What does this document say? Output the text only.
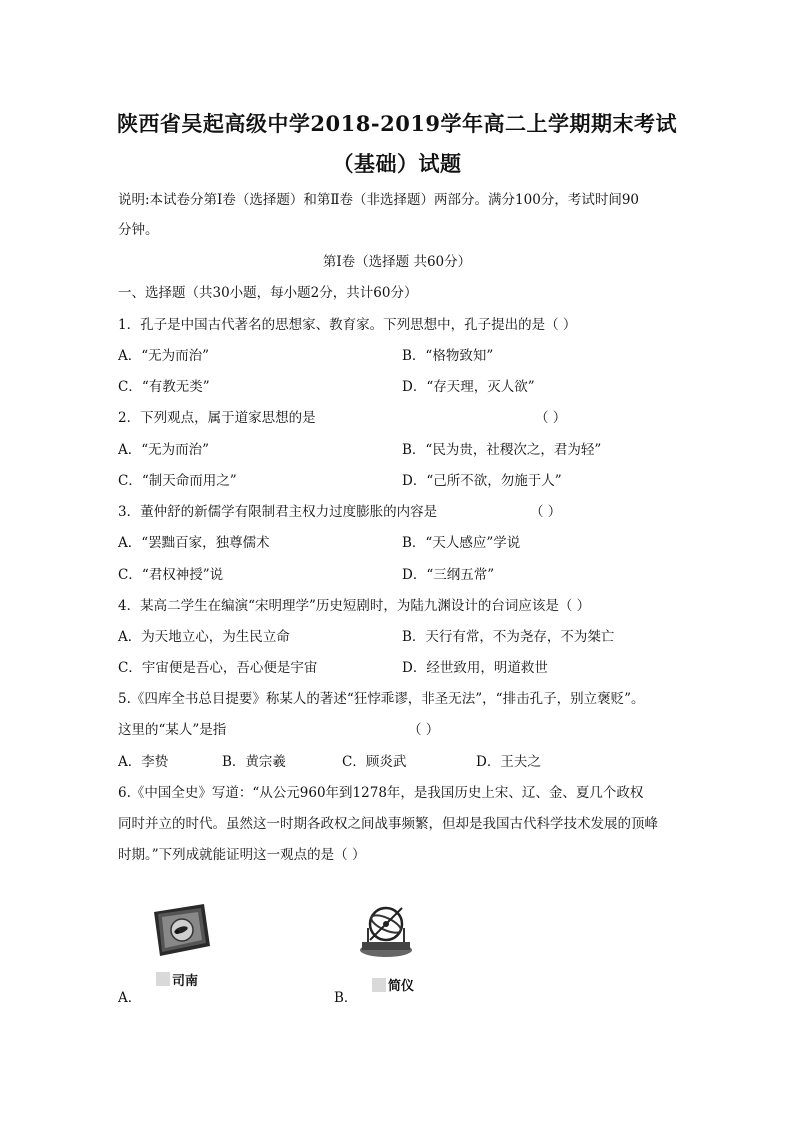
陕西省吴起高级中学2018-2019学年高二上学期期末考试
（基础）试题
说明:本试卷分第Ⅰ卷（选择题）和第Ⅱ卷（非选择题）两部分。满分100分，考试时间90
分钟。
第Ⅰ卷（选择题 共60分）
一、选择题（共30小题，每小题2分，共计60分）
1．孔子是中国古代著名的思想家、教育家。下列思想中，孔子提出的是（ ）
A．“无为而治”	B．“格物致知”
C．“有教无类”	D．“存天理，灭人欲”
2．下列观点，属于道家思想的是	（ ）
A．“无为而治”	B．“民为贵，社稷次之，君为轻”
C．“制天命而用之”	D．“己所不欲，勿施于人”
3．董仲舒的新儒学有限制君主权力过度膨胀的内容是	（ ）
A．“罢黜百家，独尊儒术	B．“天人感应”学说
C．“君权神授”说	D．“三纲五常”
4．某高二学生在编演“宋明理学”历史短剧时，为陆九渊设计的台词应该是（ ）
A．为天地立心，为生民立命	B．天行有常，不为尧存，不为桀亡
C．宇宙便是吾心，吾心便是宇宙	D．经世致用，明道救世
5.《四库全书总目提要》称某人的著述“狂悖乖谬，非圣无法”，“排击孔子，别立褒贬”。
这里的“某人”是指	（ ）
A．李贽	B．黄宗羲	C．顾炎武	D．王夫之
6.《中国全史》写道：“从公元960年到1278年，是我国历史上宋、辽、金、夏几个政权
同时并立的时代。虽然这一时期各政权之间战事频繁，但却是我国古代科学技术发展的顶峰
时期。”下列成就能证明这一观点的是（ ）
司南
A．
简仪
B．
